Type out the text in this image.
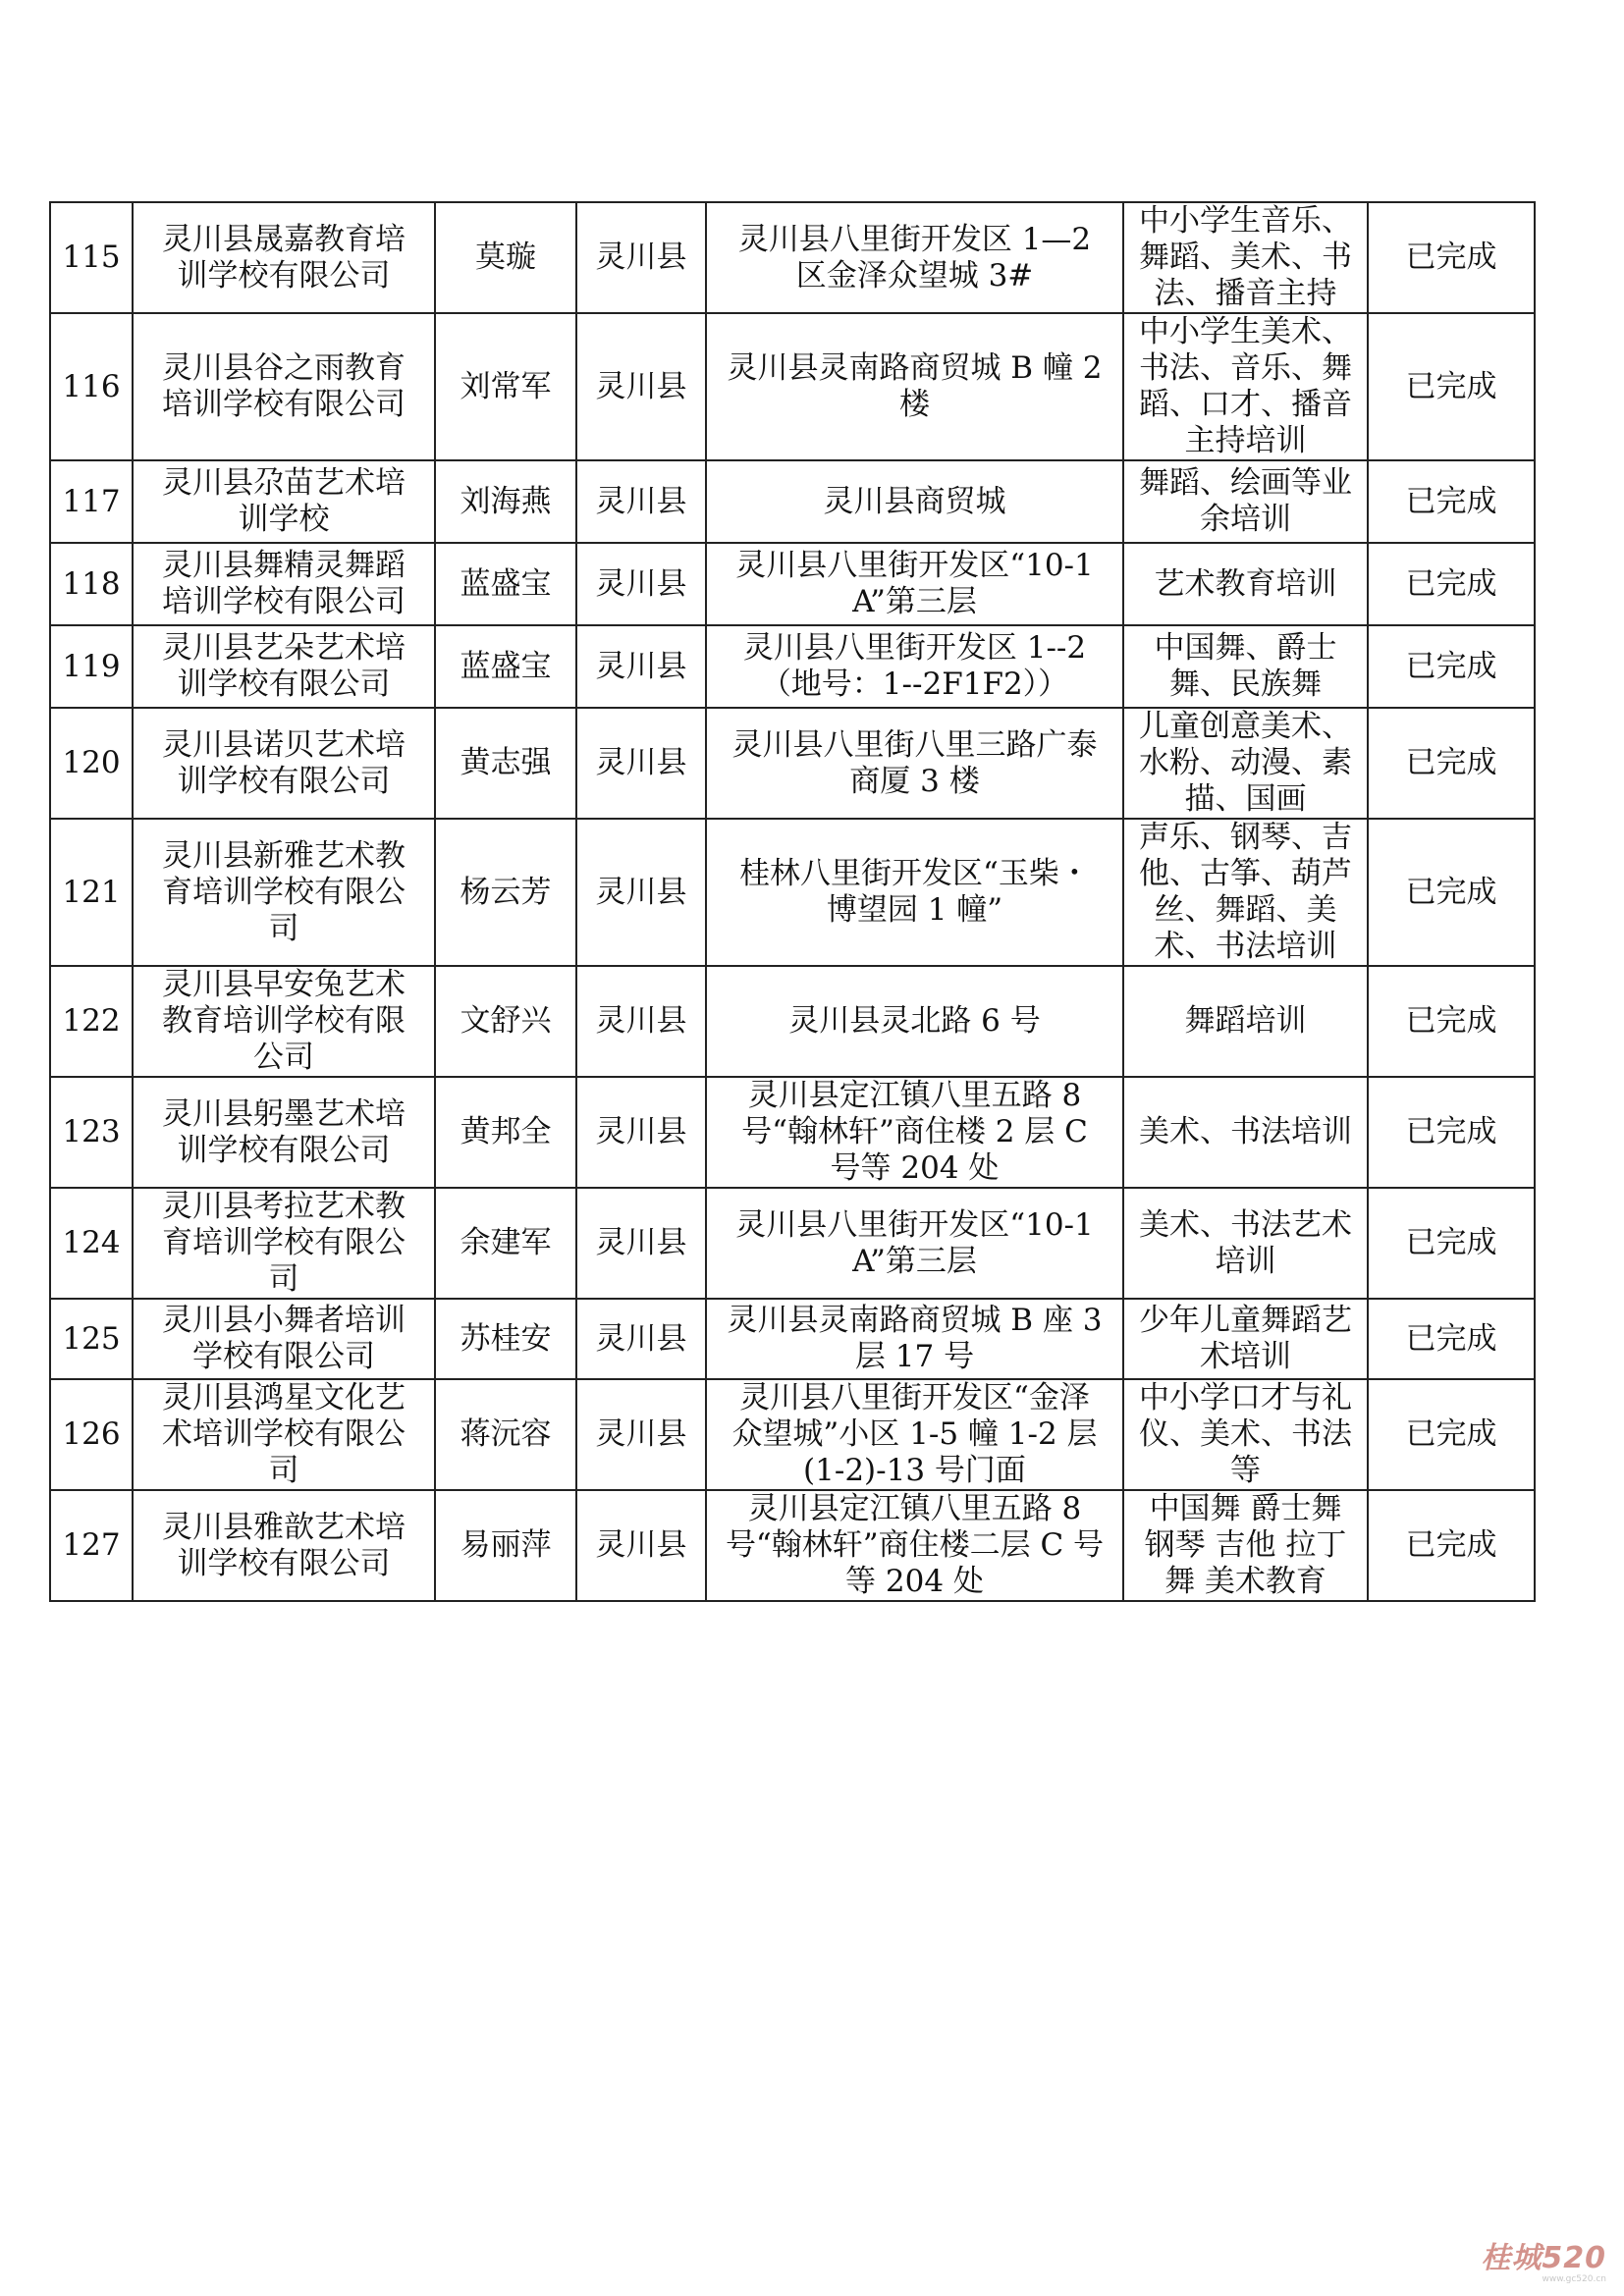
115	灵川县晟嘉教育培训学校有限公司	莫璇	灵川县	灵川县八里街开发区 1—2 区金泽众望城 3#	中小学生音乐、舞蹈、美术、书法、播音主持	已完成
116	灵川县谷之雨教育培训学校有限公司	刘常军	灵川县	灵川县灵南路商贸城 B 幢 2 楼	中小学生美术、书法、音乐、舞蹈、口才、播音主持培训	已完成
117	灵川县尕苗艺术培训学校	刘海燕	灵川县	灵川县商贸城	舞蹈、绘画等业余培训	已完成
118	灵川县舞精灵舞蹈培训学校有限公司	蓝盛宝	灵川县	灵川县八里街开发区“10-1A”第三层	艺术教育培训	已完成
119	灵川县艺朵艺术培训学校有限公司	蓝盛宝	灵川县	灵川县八里街开发区 1--2（地号：1--2F1F2））	中国舞、爵士舞、民族舞	已完成
120	灵川县诺贝艺术培训学校有限公司	黄志强	灵川县	灵川县八里街八里三路广泰商厦 3 楼	儿童创意美术、水粉、动漫、素描、国画	已完成
121	灵川县新雅艺术教育培训学校有限公司	杨云芳	灵川县	桂林八里街开发区“玉柴・博望园 1 幢”	声乐、钢琴、吉他、古筝、葫芦丝、舞蹈、美术、书法培训	已完成
122	灵川县早安兔艺术教育培训学校有限公司	文舒兴	灵川县	灵川县灵北路 6 号	舞蹈培训	已完成
123	灵川县躬墨艺术培训学校有限公司	黄邦全	灵川县	灵川县定江镇八里五路 8 号“翰林轩”商住楼 2 层 C 号等 204 处	美术、书法培训	已完成
124	灵川县考拉艺术教育培训学校有限公司	余建军	灵川县	灵川县八里街开发区“10-1A”第三层	美术、书法艺术培训	已完成
125	灵川县小舞者培训学校有限公司	苏桂安	灵川县	灵川县灵南路商贸城 B 座 3 层 17 号	少年儿童舞蹈艺术培训	已完成
126	灵川县鸿星文化艺术培训学校有限公司	蒋沅容	灵川县	灵川县八里街开发区“金泽众望城”小区 1-5 幢 1-2 层(1-2)-13 号门面	中小学口才与礼仪、美术、书法等	已完成
127	灵川县雅歆艺术培训学校有限公司	易丽萍	灵川县	灵川县定江镇八里五路 8 号“翰林轩”商住楼二层 C 号等 204 处	中国舞 爵士舞 钢琴 吉他 拉丁舞 美术教育	已完成
桂城520
www.gc520.cn
